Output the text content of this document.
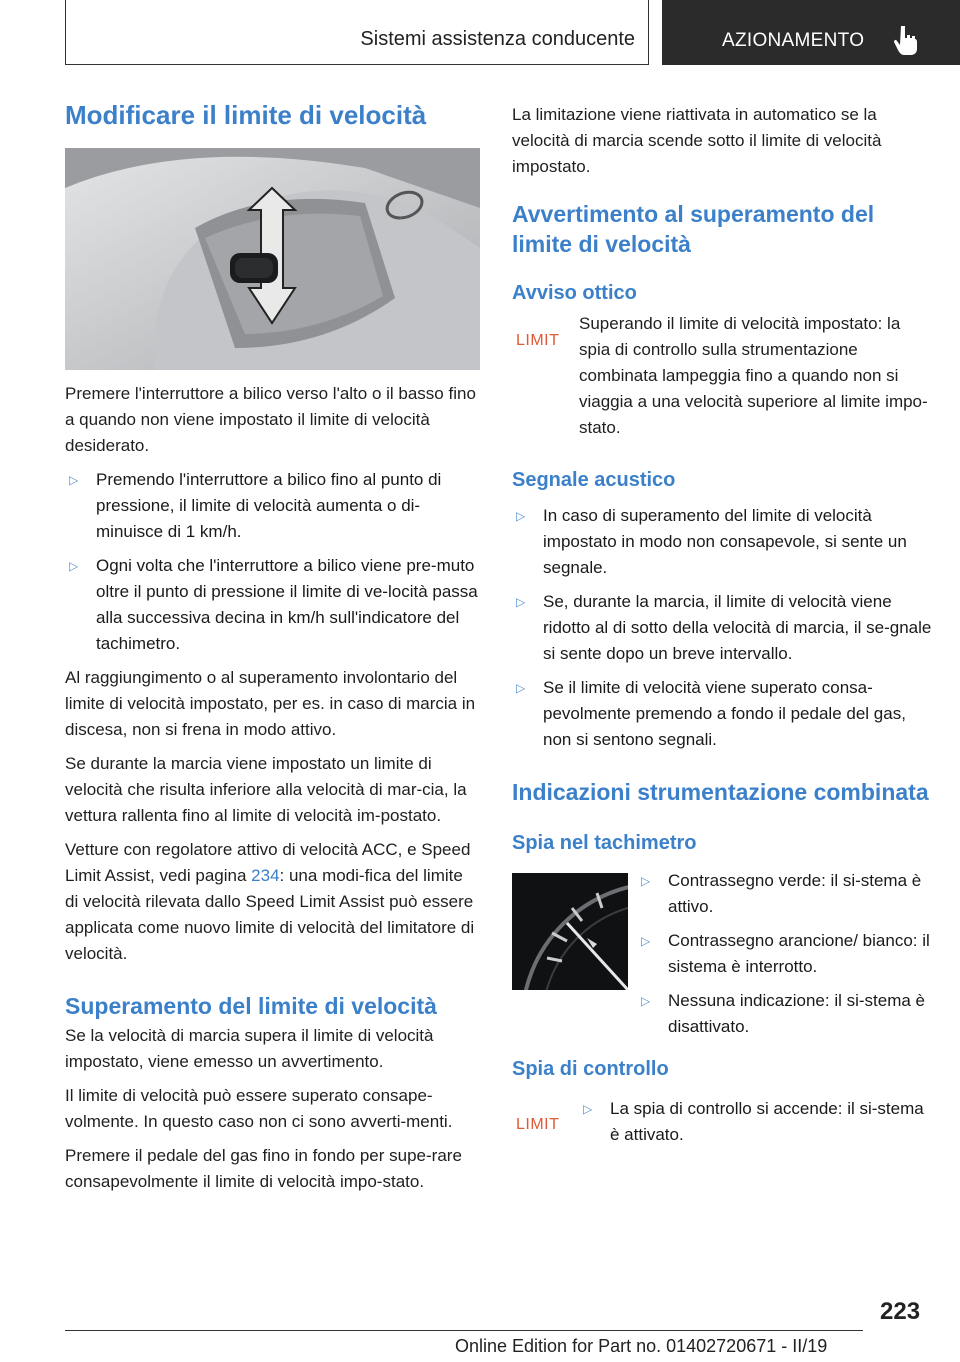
Sistemi assistenza conducente	AZIONAMENTO
Modificare il limite di velocità

Premere l'interruttore a bilico verso l'alto o il basso fino a quando non viene impostato il limite di velocità desiderato.

▷ Premendo l'interruttore a bilico fino al punto di pressione, il limite di velocità aumenta o di-minuisce di 1 km/h.
▷ Ogni volta che l'interruttore a bilico viene pre-muto oltre il punto di pressione il limite di ve-locità passa alla successiva decina in km/h sull'indicatore del tachimetro.

Al raggiungimento o al superamento involontario del limite di velocità impostato, per es. in caso di marcia in discesa, non si frena in modo attivo.

Se durante la marcia viene impostato un limite di velocità che risulta inferiore alla velocità di mar-cia, la vettura rallenta fino al limite di velocità im-postato.

Vetture con regolatore attivo di velocità ACC, e Speed Limit Assist, vedi pagina 234: una modi-fica del limite di velocità rilevata dallo Speed Limit Assist può essere applicata come nuovo limite di velocità del limitatore di velocità.

Superamento del limite di velocità

Se la velocità di marcia supera il limite di velocità impostato, viene emesso un avvertimento.

Il limite di velocità può essere superato consape-volmente. In questo caso non ci sono avverti-menti.

Premere il pedale del gas fino in fondo per supe-rare consapevolmente il limite di velocità impo-stato.

La limitazione viene riattivata in automatico se la velocità di marcia scende sotto il limite di velocità impostato.

Avvertimento al superamento del limite di velocità
Avviso ottico
LIMIT

Superando il limite di velocità impostato: la spia di controllo sulla strumentazione combinata lampeggia fino a quando non si viaggia a una velocità superiore al limite impo-stato.

Segnale acustico
▷ In caso di superamento del limite di velocità impostato in modo non consapevole, si sente un segnale.
▷ Se, durante la marcia, il limite di velocità viene ridotto al di sotto della velocità di marcia, il se-gnale si sente dopo un breve intervallo.
▷ Se il limite di velocità viene superato consa-pevolmente premendo a fondo il pedale del gas, non si sentono segnali.
Indicazioni strumentazione combinata
Spia nel tachimetro
▷ Contrassegno verde: il si-stema è attivo.
▷ Contrassegno arancione/ bianco: il sistema è interrotto.
▷ Nessuna indicazione: il si-stema è disattivato.
Spia di controllo
LIMIT
▷ La spia di controllo si accende: il si-stema è attivato.
223
Online Edition for Part no. 01402720671 - II/19
